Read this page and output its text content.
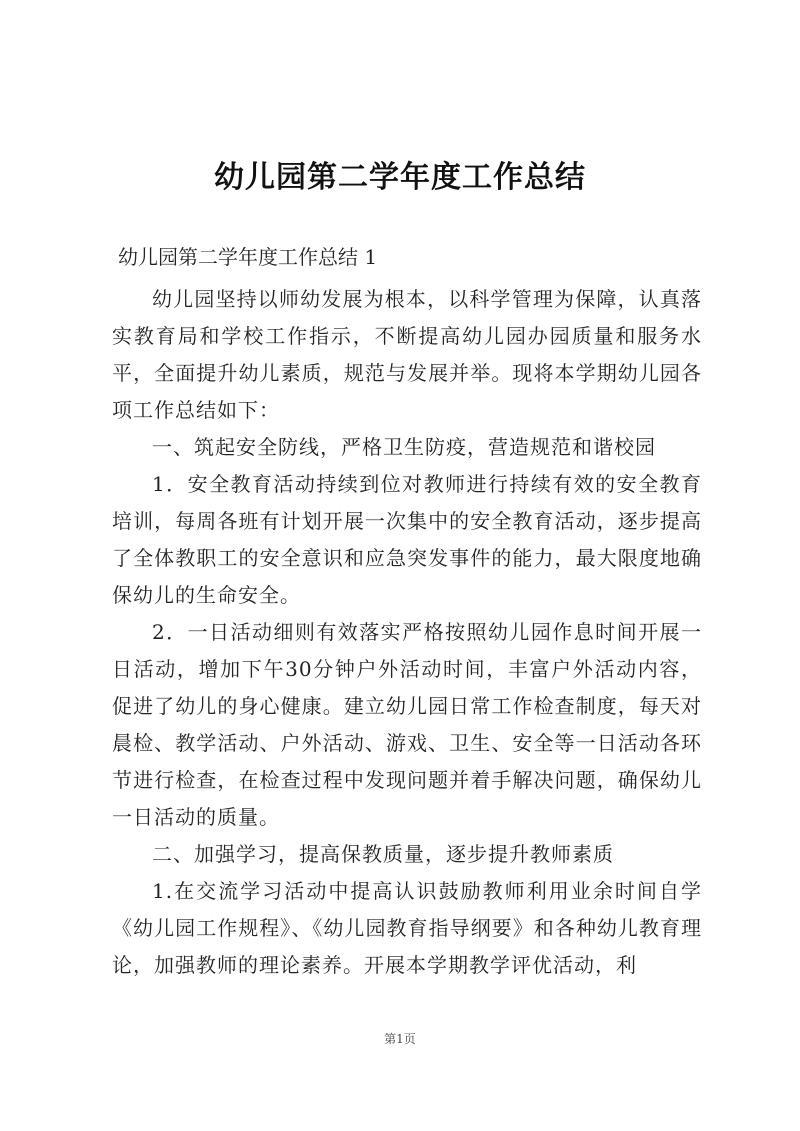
幼儿园第二学年度工作总结
幼儿园第二学年度工作总结 1

幼儿园坚持以师幼发展为根本，以科学管理为保障，认真落实教育局和学校工作指示，不断提高幼儿园办园质量和服务水平，全面提升幼儿素质，规范与发展并举。现将本学期幼儿园各项工作总结如下：

一、筑起安全防线，严格卫生防疫，营造规范和谐校园

1．安全教育活动持续到位对教师进行持续有效的安全教育培训，每周各班有计划开展一次集中的安全教育活动，逐步提高了全体教职工的安全意识和应急突发事件的能力，最大限度地确保幼儿的生命安全。

2．一日活动细则有效落实严格按照幼儿园作息时间开展一日活动，增加下午30分钟户外活动时间，丰富户外活动内容，促进了幼儿的身心健康。建立幼儿园日常工作检查制度，每天对晨检、教学活动、户外活动、游戏、卫生、安全等一日活动各环节进行检查，在检查过程中发现问题并着手解决问题，确保幼儿一日活动的质量。

二、加强学习，提高保教质量，逐步提升教师素质

1.在交流学习活动中提高认识鼓励教师利用业余时间自学《幼儿园工作规程》、《幼儿园教育指导纲要》和各种幼儿教育理论，加强教师的理论素养。开展本学期教学评优活动，利

第1页
